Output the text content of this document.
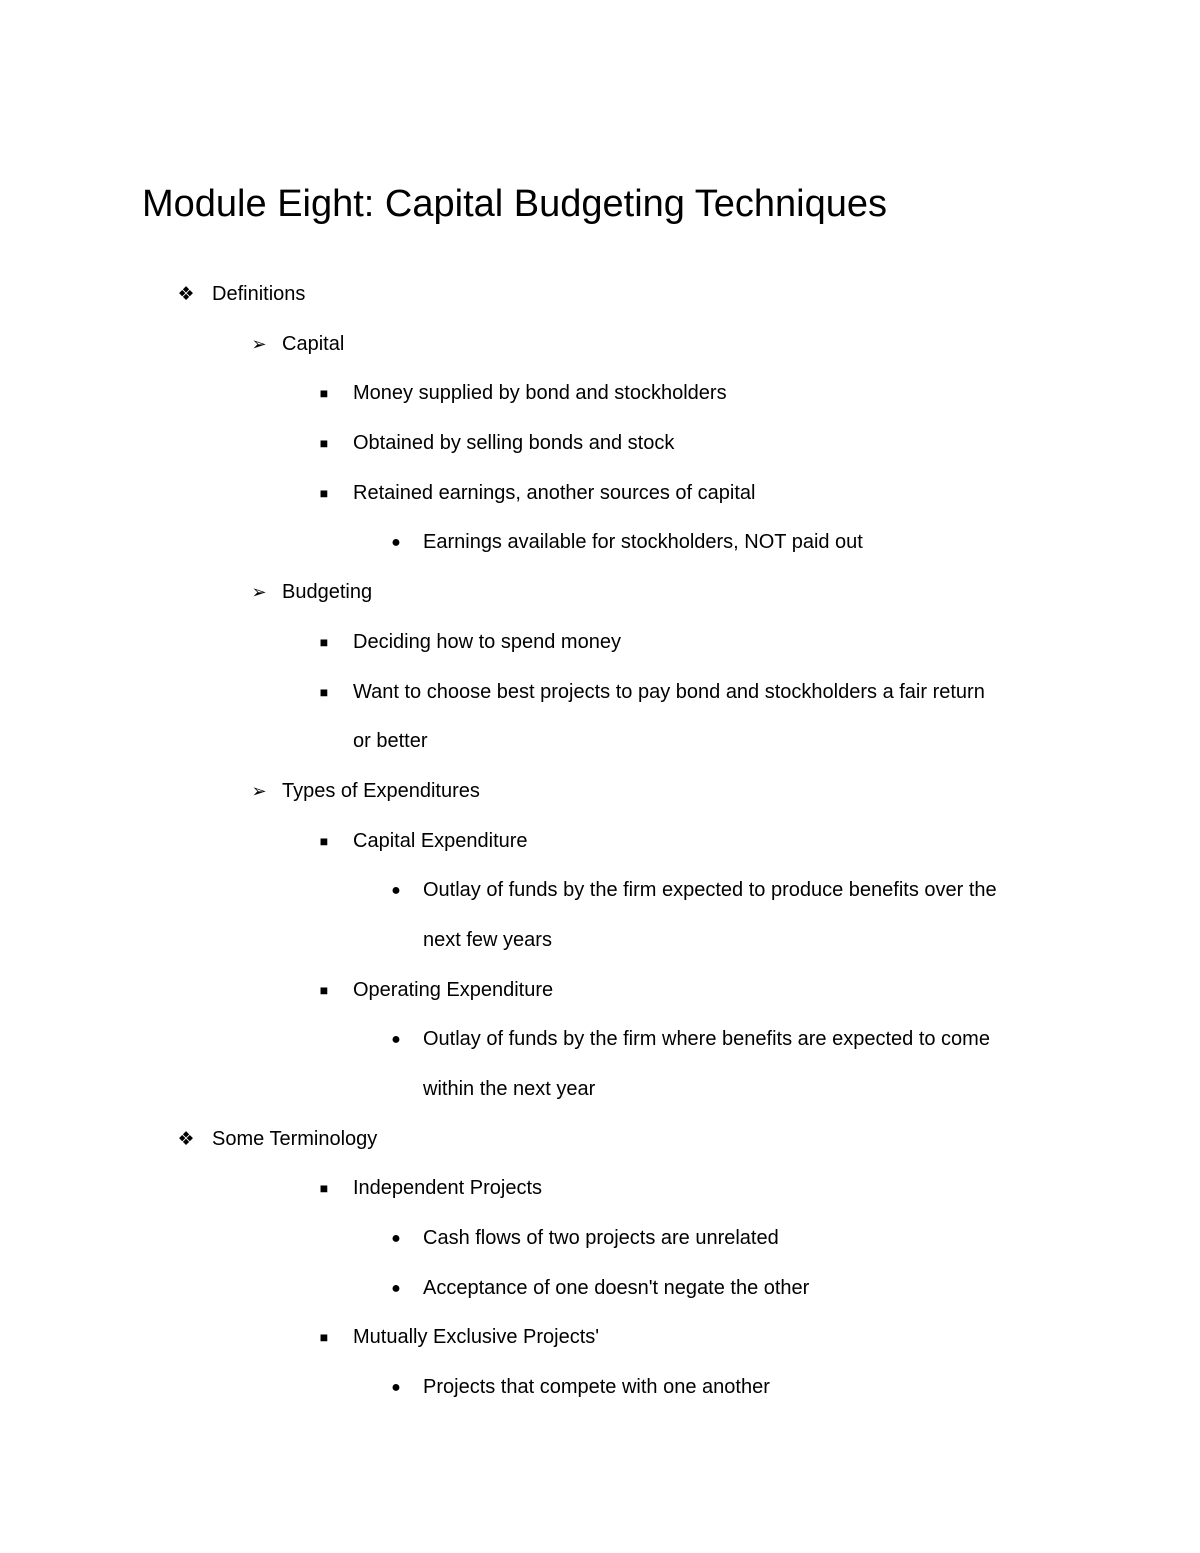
Module Eight: Capital Budgeting Techniques
❖ Definitions
➢ Capital
■	Money supplied by bond and stockholders
■	Obtained by selling bonds and stock
■	Retained earnings, another sources of capital
●	Earnings available for stockholders, NOT paid out
➢ Budgeting
■	Deciding how to spend money
■	Want to choose best projects to pay bond and stockholders a fair return
or better
➢ Types of Expenditures
■	Capital Expenditure
●	Outlay of funds by the firm expected to produce benefits over the
next few years
■	Operating Expenditure
●	Outlay of funds by the firm where benefits are expected to come
within the next year
❖ Some Terminology
■	Independent Projects
●	Cash flows of two projects are unrelated
●	Acceptance of one doesn't negate the other
■	Mutually Exclusive Projects'
●	Projects that compete with one another
